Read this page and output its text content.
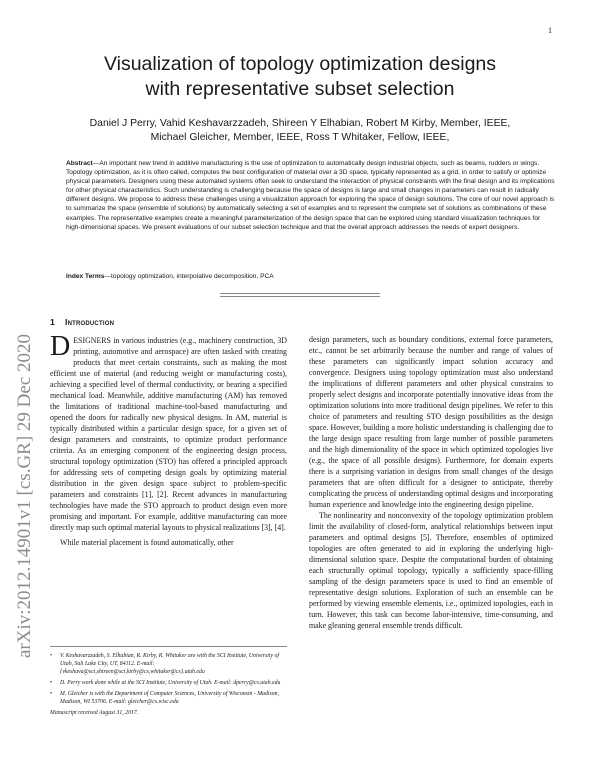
1
arXiv:2012.14901v1 [cs.GR] 29 Dec 2020
Visualization of topology optimization designs
with representative subset selection
Daniel J Perry, Vahid Keshavarzzadeh, Shireen Y Elhabian, Robert M Kirby, Member, IEEE,
Michael Gleicher, Member, IEEE, Ross T Whitaker, Fellow, IEEE,
Abstract—An important new trend in additive manufacturing is the use of optimization to automatically design industrial objects, such as beams, rudders or wings. Topology optimization, as it is often called, computes the best configuration of material over a 3D space, typically represented as a grid, in order to satisfy or optimize physical parameters. Designers using these automated systems often seek to understand the interaction of physical constraints with the final design and its implications for other physical characteristics. Such understanding is challenging because the space of designs is large and small changes in parameters can result in radically different designs. We propose to address these challenges using a visualization approach for exploring the space of design solutions. The core of our novel approach is to summarize the space (ensemble of solutions) by automatically selecting a set of examples and to represent the complete set of solutions as combinations of these examples. The representative examples create a meaningful parameterization of the design space that can be explored using standard visualization techniques for high-dimensional spaces. We present evaluations of our subset selection technique and that the overall approach addresses the needs of expert designers.
Index Terms—topology optimization, interpolative decomposition, PCA
1 Introduction

DESIGNERS in various industries (e.g., machinery construction, 3D printing, automotive and aerospace) are often tasked with creating products that meet certain constraints, such as making the most efficient use of material (and reducing weight or manufacturing costs), achieving a specified level of thermal conductivity, or bearing a specified mechanical load. Meanwhile, additive manufacturing (AM) has removed the limitations of traditional machine-tool-based manufacturing and opened the doors for radically new physical designs. In AM, material is typically distributed within a particular design space, for a given set of design parameters and constraints, to optimize product performance criteria. As an emerging component of the engineering design process, structural topology optimization (STO) has offered a principled approach for addressing sets of competing design goals by optimizing material distribution in the given design space subject to problem-specific parameters and constraints [1], [2]. Recent advances in manufacturing technologies have made the STO approach to product design even more promising and important. For example, additive manufacturing can more directly map such optimal material layouts to physical realizations [3], [4].

While material placement is found automatically, other

design parameters, such as boundary conditions, external force parameters, etc., cannot be set arbitrarily because the number and range of values of these parameters can significantly impact solution accuracy and convergence. Designers using topology optimization must also understand the implications of different parameters and other physical constrains to properly select designs and incorporate potentially innovative ideas from the optimization solutions into more traditional design pipelines. We refer to this choice of parameters and resulting STO design possibilities as the design space. However, building a more holistic understanding is challenging due to the large design space resulting from large number of possible parameters and the high dimensionality of the space in which optimized topologies live (e.g., the space of all possible designs). Furthermore, for domain experts there is a surprising variation in designs from small changes of the design parameters that are often difficult for a designer to anticipate, thereby complicating the process of understanding optimal designs and incorporating human experience and knowledge into the engineering design pipeline.

The nonlinearity and nonconvexity of the topology optimization problem limit the availability of closed-form, analytical relationships between input parameters and optimal designs [5]. Therefore, ensembles of optimized topologies are often generated to aid in exploring the underlying high-dimensional solution space. Despite the computational burden of obtaining each structurally optimal topology, typically a sufficiently space-filling sampling of the design parameters space is used to find an ensemble of representative design solutions. Exploration of such an ensemble can be performed by viewing ensemble elements, i.e., optimized topologies, each in turn. However, this task can become labor-intensive, time-consuming, and make gleaning general ensemble trends difficult.

•	V. Keshavarzzadeh, S. Elhabian, R. Kirby, R. Whitaker are with the SCI Institute, University of Utah, Salt Lake City, UT, 84112. E-mail: {vkeshava@sci,shireen@sci,kirby@cs,whitaker@cs}.utah.edu
•	D. Perry work done while at the SCI Institute, University of Utah. E-mail: dperry@cs.utah.edu
•	M. Gleicher is with the Department of Computer Sciences, University of Wisconsin - Madison, Madison, WI 53706. E-mail: gleicher@cs.wisc.edu
Manuscript received August 31, 2017.
